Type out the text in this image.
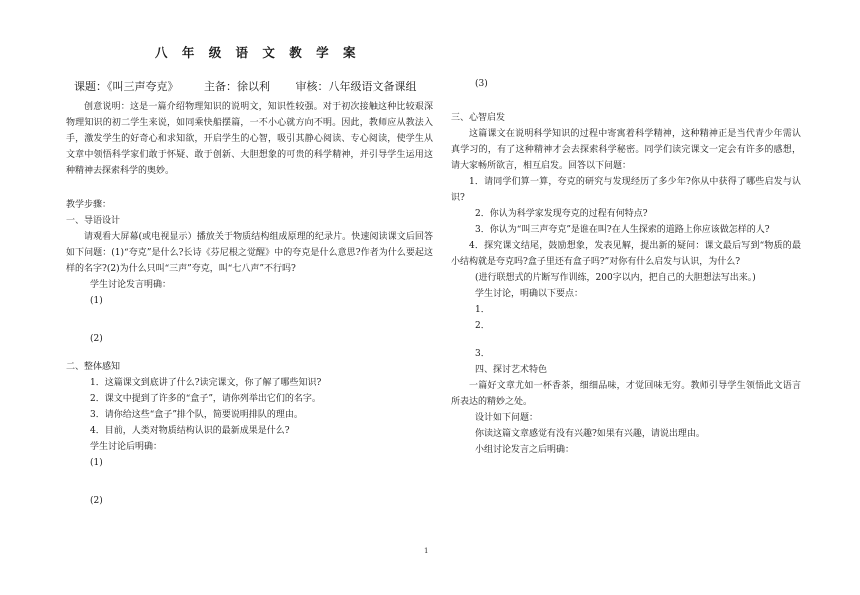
八 年 级 语 文 教 学 案
课题：《叫三声夸克》 主备：徐以利 审核：八年级语文备课组

创意说明：这是一篇介绍物理知识的说明文，知识性较强。对于初次接触这种比较艰深物理知识的初二学生来说，如同乘快船摆篇，一不小心就方向不明。因此，教师应从教法入手，激发学生的好奇心和求知欲，开启学生的心智，吸引其静心阅读、专心阅读，使学生从文章中领悟科学家们敢于怀疑、敢于创新、大胆想象的可贵的科学精神，并引导学生运用这种精神去探索科学的奥妙。

教学步骤：

一、导语设计

请观看大屏幕(或电视显示）播放关于物质结构组成原理的纪录片。快速阅读课文后回答如下问题：(1)“夸克”是什么?长诗《芬尼根之觉醒》中的夸克是什么意思?作者为什么要起这样的名字?(2)为什么只叫“三声”夸克，叫“七八声”不行吗?

学生讨论发言明确：

(1)

(2)

二、整体感知

1．这篇课文到底讲了什么?读完课文，你了解了哪些知识?

2．课文中提到了许多的“盒子”，请你列举出它们的名字。

3．请你给这些“盒子”排个队，简要说明排队的理由。

4．目前，人类对物质结构认识的最新成果是什么?

学生讨论后明确：

(1)

(2)

(3)

三、心智启发

这篇课文在说明科学知识的过程中寄寓着科学精神，这种精神正是当代青少年需认真学习的，有了这种精神才会去探索科学秘密。同学们读完课文一定会有许多的感想，请大家畅所欲言，相互启发。回答以下问题：

1．请同学们算一算，夸克的研究与发现经历了多少年?你从中获得了哪些启发与认识?

2．你认为科学家发现夸克的过程有何特点?

3．你认为“叫三声夸克”是谁在叫?在人生探索的道路上你应该做怎样的人?

4．探究课文结尾，鼓励想象，发表见解，提出新的疑问：课文最后写到“物质的最小结构就是夸克吗?盒子里还有盒子吗?”对你有什么启发与认识，为什么?

(进行联想式的片断写作训练，200字以内，把自己的大胆想法写出来。)

学生讨论，明确以下要点：

1．

2．

3．

四、探讨艺术特色

一篇好文章尤如一杯香茶，细细品味，才觉回味无穷。教师引导学生领悟此文语言所表达的精妙之处。

设计如下问题：

你读这篇文章感觉有没有兴趣?如果有兴趣，请说出理由。

小组讨论发言之后明确：

1
